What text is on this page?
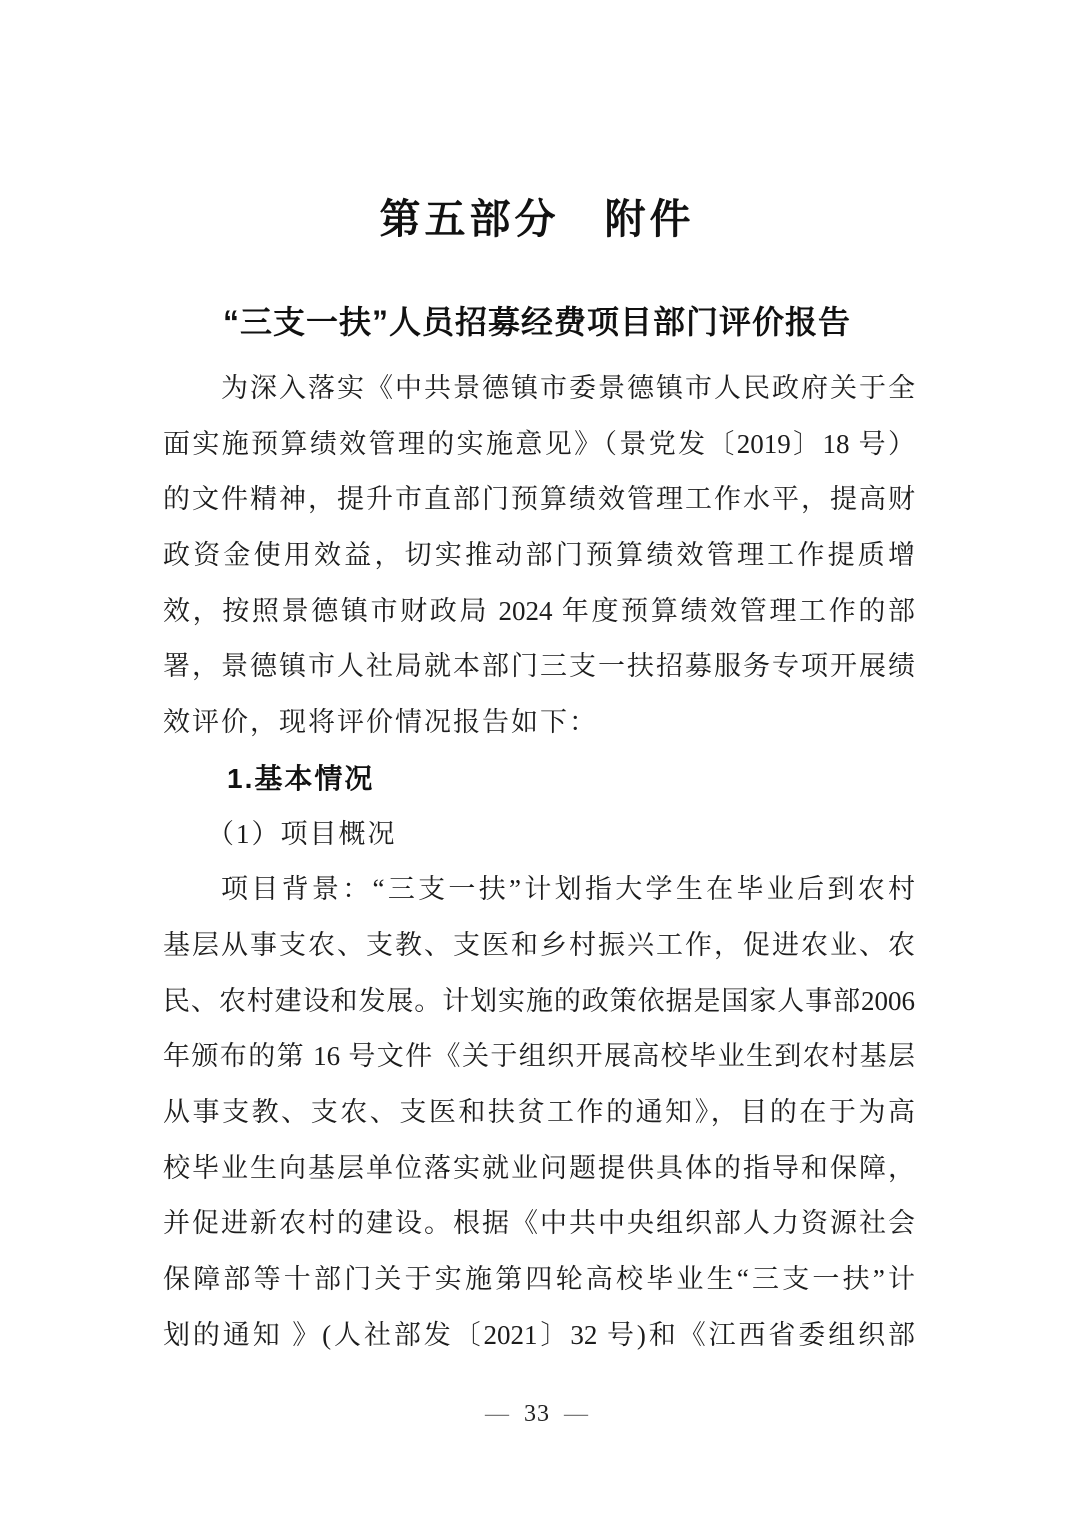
第五部分　附件
“三支一扶”人员招募经费项目部门评价报告
为深入落实《中共景德镇市委景德镇市人民政府关于全
面实施预算绩效管理的实施意见》（景党发〔2019〕18 号）
的文件精神，提升市直部门预算绩效管理工作水平，提高财
政资金使用效益，切实推动部门预算绩效管理工作提质增
效，按照景德镇市财政局 2024 年度预算绩效管理工作的部
署，景德镇市人社局就本部门三支一扶招募服务专项开展绩
效评价，现将评价情况报告如下：
1.基本情况
（1）项目概况
项目背景：“三支一扶”计划指大学生在毕业后到农村
基层从事支农、支教、支医和乡村振兴工作，促进农业、农
民、农村建设和发展。计划实施的政策依据是国家人事部2006
年颁布的第 16 号文件《关于组织开展高校毕业生到农村基层
从事支教、支农、支医和扶贫工作的通知》，目的在于为高
校毕业生向基层单位落实就业问题提供具体的指导和保障，
并促进新农村的建设。根据《中共中央组织部人力资源社会
保障部等十部门关于实施第四轮高校毕业生“三支一扶”计
划的通知 》(人社部发〔2021〕32 号)和《江西省委组织部
— 33 —
